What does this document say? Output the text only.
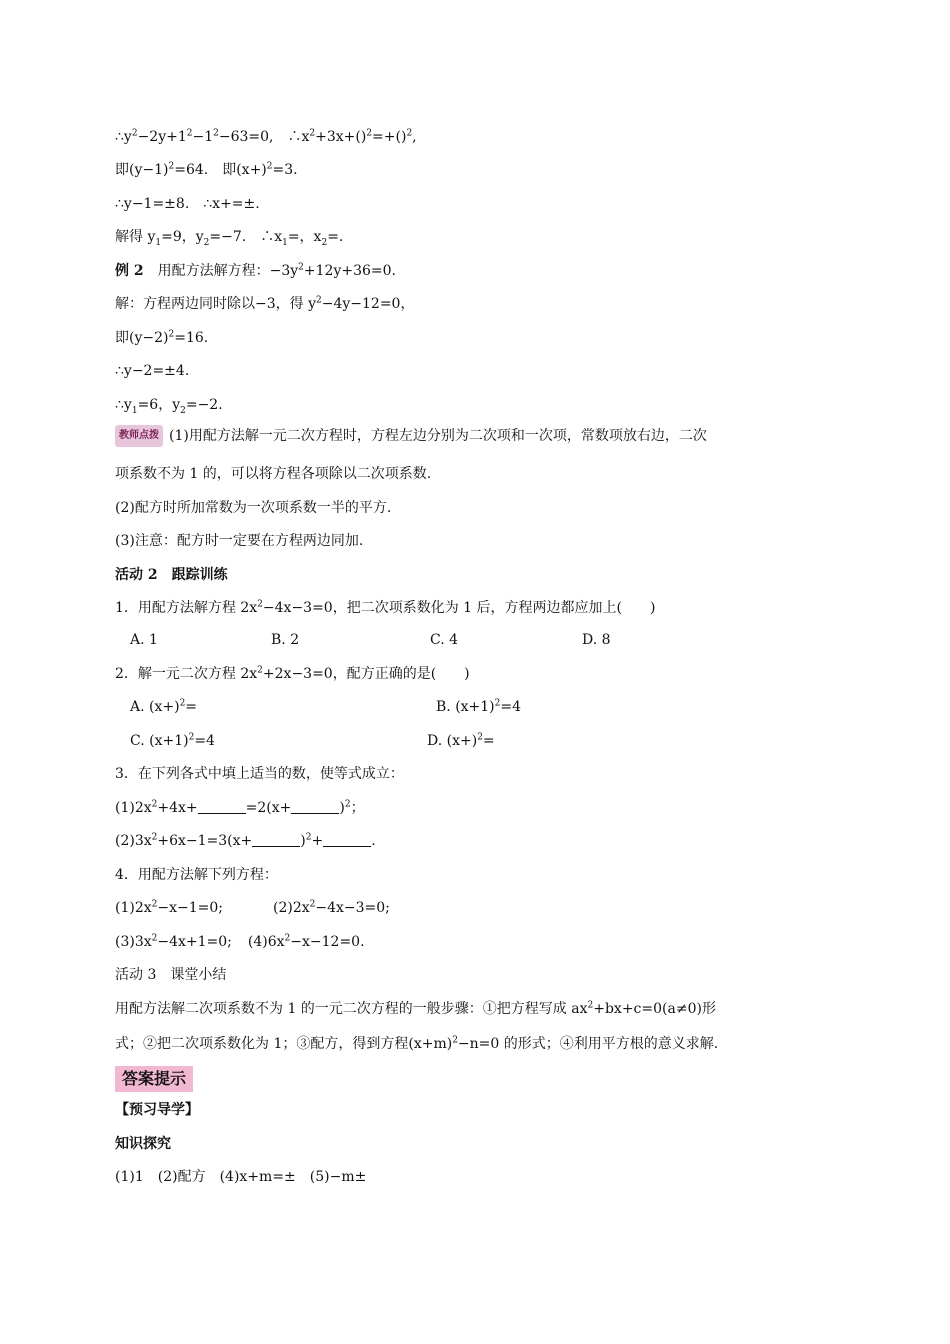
$\therefore y^2-2y+1^2-1^2-63=0$,　$\therefore x^2+3x+()^2=+()^2$,
即$(y-1)^2=64$.　即$(x+)^2=3$.
∴y−1=±8.　∴x+=±.
解得 $y_1=9$，$y_2=-7$.　$\therefore x_1=$，$x_2=$.
例 2　 用配方法解方程：$-3y^2+12y+36=0$.
解：方程两边同时除以−3，得 $y^2-4y-12=0$，
即$(y-2)^2=16$.
∴y−2=±4.
$\therefore y_1=6$，$y_2=-2$.
教师点拨 (1)用配方法解一元二次方程时，方程左边分别为二次项和一次项，常数项放右边，二次
项系数不为 1 的，可以将方程各项除以二次项系数.
(2)配方时所加常数为一次项系数一半的平方.
(3)注意：配方时一定要在方程两边同加.
活动 2　跟踪训练
1．用配方法解方程 $2x^2-4x-3=0$，把二次项系数化为 1 后，方程两边都应加上(　　)
A. 1	B. 2	C. 4	D. 8
2．解一元二次方程 $2x^2+2x-3=0$，配方正确的是(　　)
A. $(x+)^2=$	B. $(x+1)^2=4$
C. $(x+1)^2=4$	D. $(x+)^2=$
3．在下列各式中填上适当的数，使等式成立：
$(1)2x^2+4x+$	=2(x+	)$^2$；
$(2)3x^2+6x-1=3(x+$	)$^2$+	.
4．用配方法解下列方程：
$(1)2x^2-x-1=0$;	$(2)2x^2-4x-3=0$;
$(3)3x^2-4x+1=0$; $(4)6x^2-x-12=0$.
活动 3　课堂小结
用配方法解二次项系数不为 1 的一元二次方程的一般步骤：①把方程写成 $ax^2+bx+c=0(a\ne 0)$形
式；②把二次项系数化为 1；③配方，得到方程$(x+m)^2-n=0$ 的形式；④利用平方根的意义求解.
答案提示
【预习导学】
知识探究
(1)1　(2)配方　(4)x+m=±　(5)−m±
